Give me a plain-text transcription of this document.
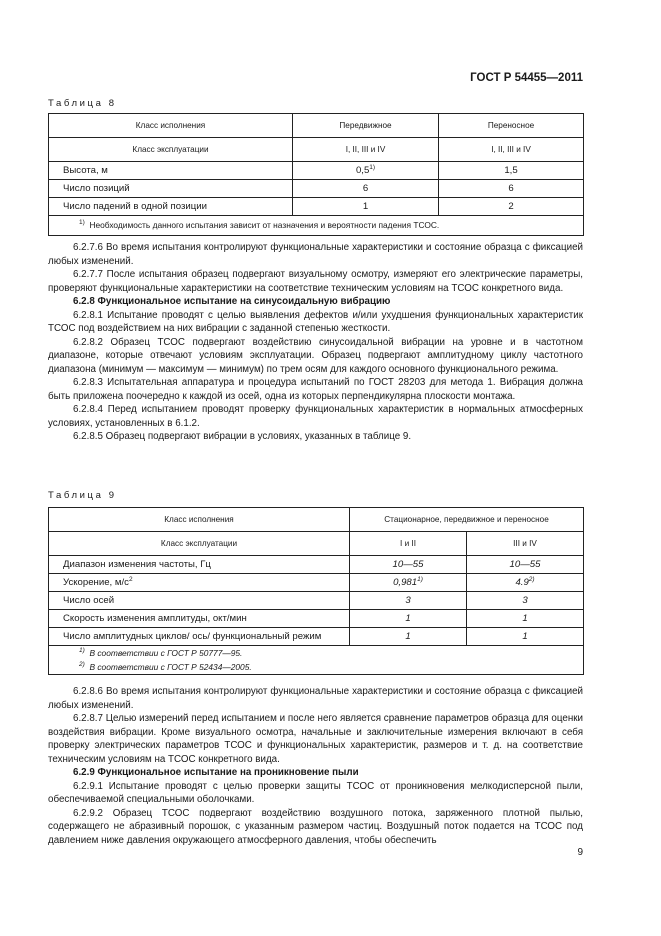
ГОСТ Р 54455—2011
Таблица 8
Класс исполнения	Передвижное	Переносное
Класс эксплуатации	I, II, III и IV	I, II, III и IV
Высота, м	0,5$^{1)}$	1,5
Число позиций	6	6
Число падений в одной позиции	1	2
$^{1)}$ Необходимость данного испытания зависит от назначения и вероятности падения ТСОС.		

6.2.7.6 Во время испытания контролируют функциональные характеристики и состояние образца с фиксацией любых изменений.

6.2.7.7 После испытания образец подвергают визуальному осмотру, измеряют его электрические параметры, проверяют функциональные характеристики на соответствие техническим условиям на ТСОС конкретного вида.

6.2.8 Функциональное испытание на синусоидальную вибрацию

6.2.8.1 Испытание проводят с целью выявления дефектов и/или ухудшения функциональных характеристик ТСОС под воздействием на них вибрации с заданной степенью жесткости.

6.2.8.2 Образец ТСОС подвергают воздействию синусоидальной вибрации на уровне и в частотном диапазоне, которые отвечают условиям эксплуатации. Образец подвергают амплитудному циклу частотного диапазона (минимум — максимум — минимум) по трем осям для каждого основного функционального режима.

6.2.8.3 Испытательная аппаратура и процедура испытаний по ГОСТ 28203 для метода 1. Вибрация должна быть приложена поочередно к каждой из осей, одна из которых перпендикулярна плоскости монтажа.

6.2.8.4 Перед испытанием проводят проверку функциональных характеристик в нормальных атмосферных условиях, установленных в 6.1.2.

6.2.8.5 Образец подвергают вибрации в условиях, указанных в таблице 9.

Таблица 9
Класс исполнения	Стационарное, передвижное и переносное	
Класс эксплуатации	I и II	III и IV
Диапазон изменения частоты, Гц	10—55	10—55
Ускорение, $м/с^2$	0,981$^{1)}$	4.9$^{2)}$
Число осей	3	3
Скорость изменения амплитуды, окт/мин	1	1
Число амплитудных циклов/ ось/ функциональный режим	1	1

$^{1)}$ В соответствии с ГОСТ Р 50777—95.
$^{2)}$ В соответствии с ГОСТ Р 52434—2005.		

6.2.8.6 Во время испытания контролируют функциональные характеристики и состояние образца с фиксацией любых изменений.

6.2.8.7 Целью измерений перед испытанием и после него является сравнение параметров образца для оценки воздействия вибрации. Кроме визуального осмотра, начальные и заключительные измерения включают в себя проверку электрических параметров ТСОС и функциональных характеристик, размеров и т. д. на соответствие техническим условиям на ТСОС конкретного вида.

6.2.9 Функциональное испытание на проникновение пыли

6.2.9.1 Испытание проводят с целью проверки защиты ТСОС от проникновения мелкодисперсной пыли, обеспечиваемой специальными оболочками.

6.2.9.2 Образец ТСОС подвергают воздействию воздушного потока, заряженного плотной пылью, содержащего не абразивный порошок, с указанным размером частиц. Воздушный поток подается на ТСОС под давлением ниже давления окружающего атмосферного давления, чтобы обеспечить

9
